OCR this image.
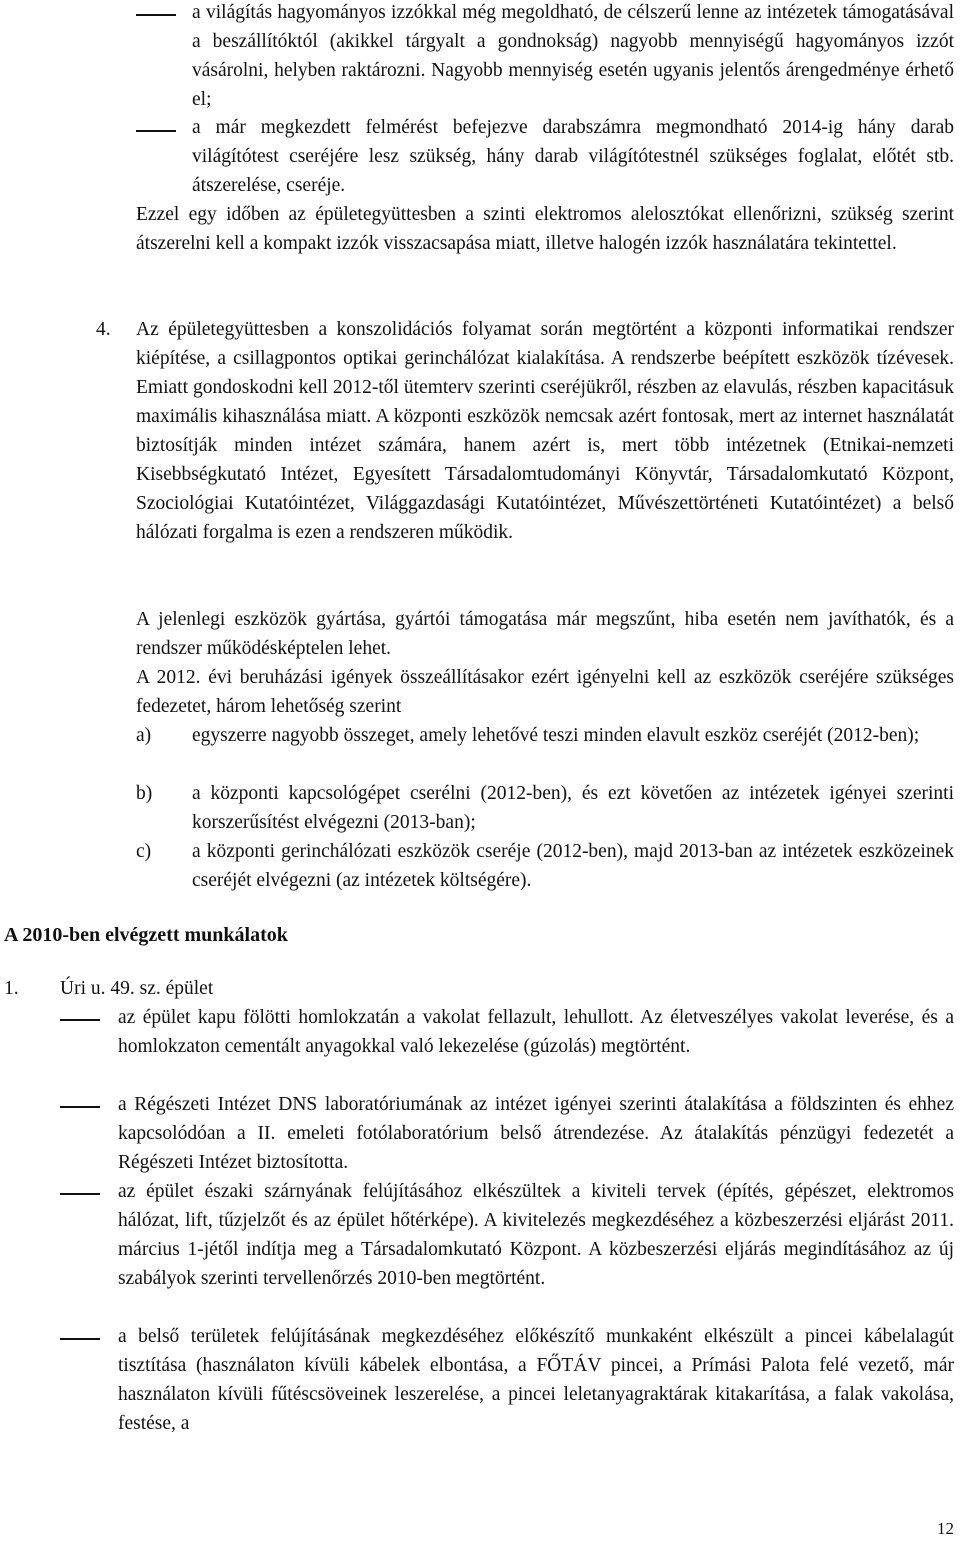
a világítás hagyományos izzókkal még megoldható, de célszerű lenne az intézetek támogatásával a beszállítóktól (akikkel tárgyalt a gondnokság) nagyobb mennyiségű hagyományos izzót vásárolni, helyben raktározni. Nagyobb mennyiség esetén ugyanis jelentős árengedménye érhető el;
a már megkezdett felmérést befejezve darabszámra megmondható 2014-ig hány darab világítótest cseréjére lesz szükség, hány darab világítótestnél szükséges foglalat, előtét stb. átszerelése, cseréje.
Ezzel egy időben az épületegyüttesben a szinti elektromos alelosztókat ellenőrizni, szükség szerint átszerelni kell a kompakt izzók visszacsapása miatt, illetve halogén izzók használatára tekintettel.
4. Az épületegyüttesben a konszolidációs folyamat során megtörtént a központi informatikai rendszer kiépítése, a csillagpontos optikai gerinchálózat kialakítása. A rendszerbe beépített eszközök tízévesek. Emiatt gondoskodni kell 2012-től ütemterv szerinti cseréjükről, részben az elavulás, részben kapacitásuk maximális kihasználása miatt. A központi eszközök nemcsak azért fontosak, mert az internet használatát biztosítják minden intézet számára, hanem azért is, mert több intézetnek (Etnikai-nemzeti Kisebbségkutató Intézet, Egyesített Társadalomtudományi Könyvtár, Társadalomkutató Központ, Szociológiai Kutatóintézet, Világgazdasági Kutatóintézet, Művészettörténeti Kutatóintézet) a belső hálózati forgalma is ezen a rendszeren működik.
A jelenlegi eszközök gyártása, gyártói támogatása már megszűnt, hiba esetén nem javíthatók, és a rendszer működésképtelen lehet.
A 2012. évi beruházási igények összeállításakor ezért igényelni kell az eszközök cseréjére szükséges fedezetet, három lehetőség szerint
a) egyszerre nagyobb összeget, amely lehetővé teszi minden elavult eszköz cseréjét (2012-ben);
b) a központi kapcsológépet cserélni (2012-ben), és ezt követően az intézetek igényei szerinti korszerűsítést elvégezni (2013-ban);
c) a központi gerinchálózati eszközök cseréje (2012-ben), majd 2013-ban az intézetek eszközeinek cseréjét elvégezni (az intézetek költségére).
A 2010-ben elvégzett munkálatok
1. Úri u. 49. sz. épület
az épület kapu fölötti homlokzatán a vakolat fellazult, lehullott. Az életveszélyes vakolat leverése, és a homlokzaton cementált anyagokkal való lekezelése (gúzolás) megtörtént.
a Régészeti Intézet DNS laboratóriumának az intézet igényei szerinti átalakítása a földszinten és ehhez kapcsolódóan a II. emeleti fotólaboratórium belső átrendezése. Az átalakítás pénzügyi fedezetét a Régészeti Intézet biztosította.
az épület északi szárnyának felújításához elkészültek a kiviteli tervek (építés, gépészet, elektromos hálózat, lift, tűzjelzőt és az épület hőtérképe). A kivitelezés megkezdéséhez a közbeszerzési eljárást 2011. március 1-jétől indítja meg a Társadalomkutató Központ. A közbeszerzési eljárás megindításához az új szabályok szerinti tervellenőrzés 2010-ben megtörtént.
a belső területek felújításának megkezdéséhez előkészítő munkaként elkészült a pincei kábelalagút tisztítása (használaton kívüli kábelek elbontása, a FŐTÁV pincei, a Prímási Palota felé vezető, már használaton kívüli fűtéscsöveinek leszerelése, a pincei leletanyagraktárak kitakarítása, a falak vakolása, festése, a
12
